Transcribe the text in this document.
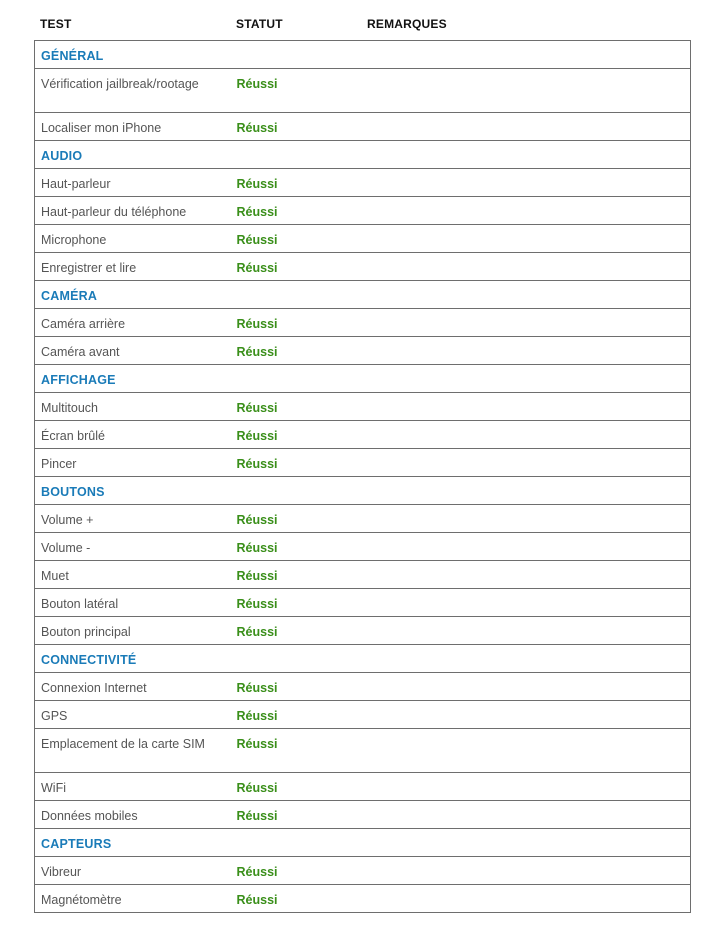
TEST	STATUT	REMARQUES
GÉNÉRAL		

Vérification jailbreak/rootage	Réussi	

Localiser mon iPhone	Réussi	

AUDIO		

Haut-parleur	Réussi	

Haut-parleur du téléphone	Réussi	

Microphone	Réussi	

Enregistrer et lire	Réussi	

CAMÉRA		

Caméra arrière	Réussi	

Caméra avant	Réussi	

AFFICHAGE		

Multitouch	Réussi	

Écran brûlé	Réussi	

Pincer	Réussi	

BOUTONS		

Volume +	Réussi	

Volume -	Réussi	

Muet	Réussi	

Bouton latéral	Réussi	

Bouton principal	Réussi	

CONNECTIVITÉ		

Connexion Internet	Réussi	

GPS	Réussi	

Emplacement de la carte SIM	Réussi	

WiFi	Réussi	

Données mobiles	Réussi	

CAPTEURS		

Vibreur	Réussi	

Magnétomètre	Réussi	
